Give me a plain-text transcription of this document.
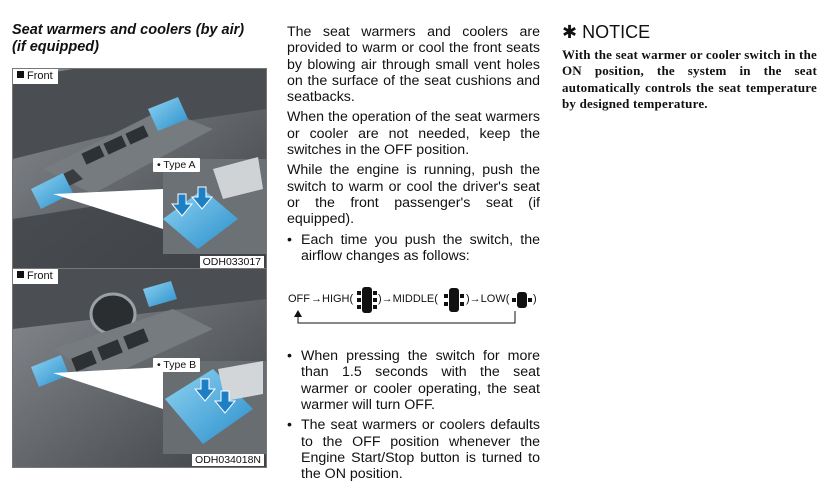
Seat warmers and coolers (by air)

(if equipped)

Front
• Type A
ODH033017
Front
• Type B
ODH034018N

The seat warmers and coolers are provided to warm or cool the front seats by blowing air through small vent holes on the surface of the seat cushions and seatbacks.

When the operation of the seat warmers or cooler are not needed, keep the switches in the OFF position.

While the engine is running, push the switch to warm or cool the driver's seat or the front passenger's seat (if equipped).

• Each time you push the switch, the airflow changes as follows:
• When pressing the switch for more than 1.5 seconds with the seat warmer or cooler operating, the seat warmer will turn OFF.
• The seat warmers or coolers defaults to the OFF position whenever the Engine Start/Stop button is turned to the ON position.
OFF → HIGH( )→MIDDLE(	)→LOW( )
✱ NOTICE

With the seat warmer or cooler switch in the ON position, the system in the seat automatically controls the seat temperature by designed temperature.
